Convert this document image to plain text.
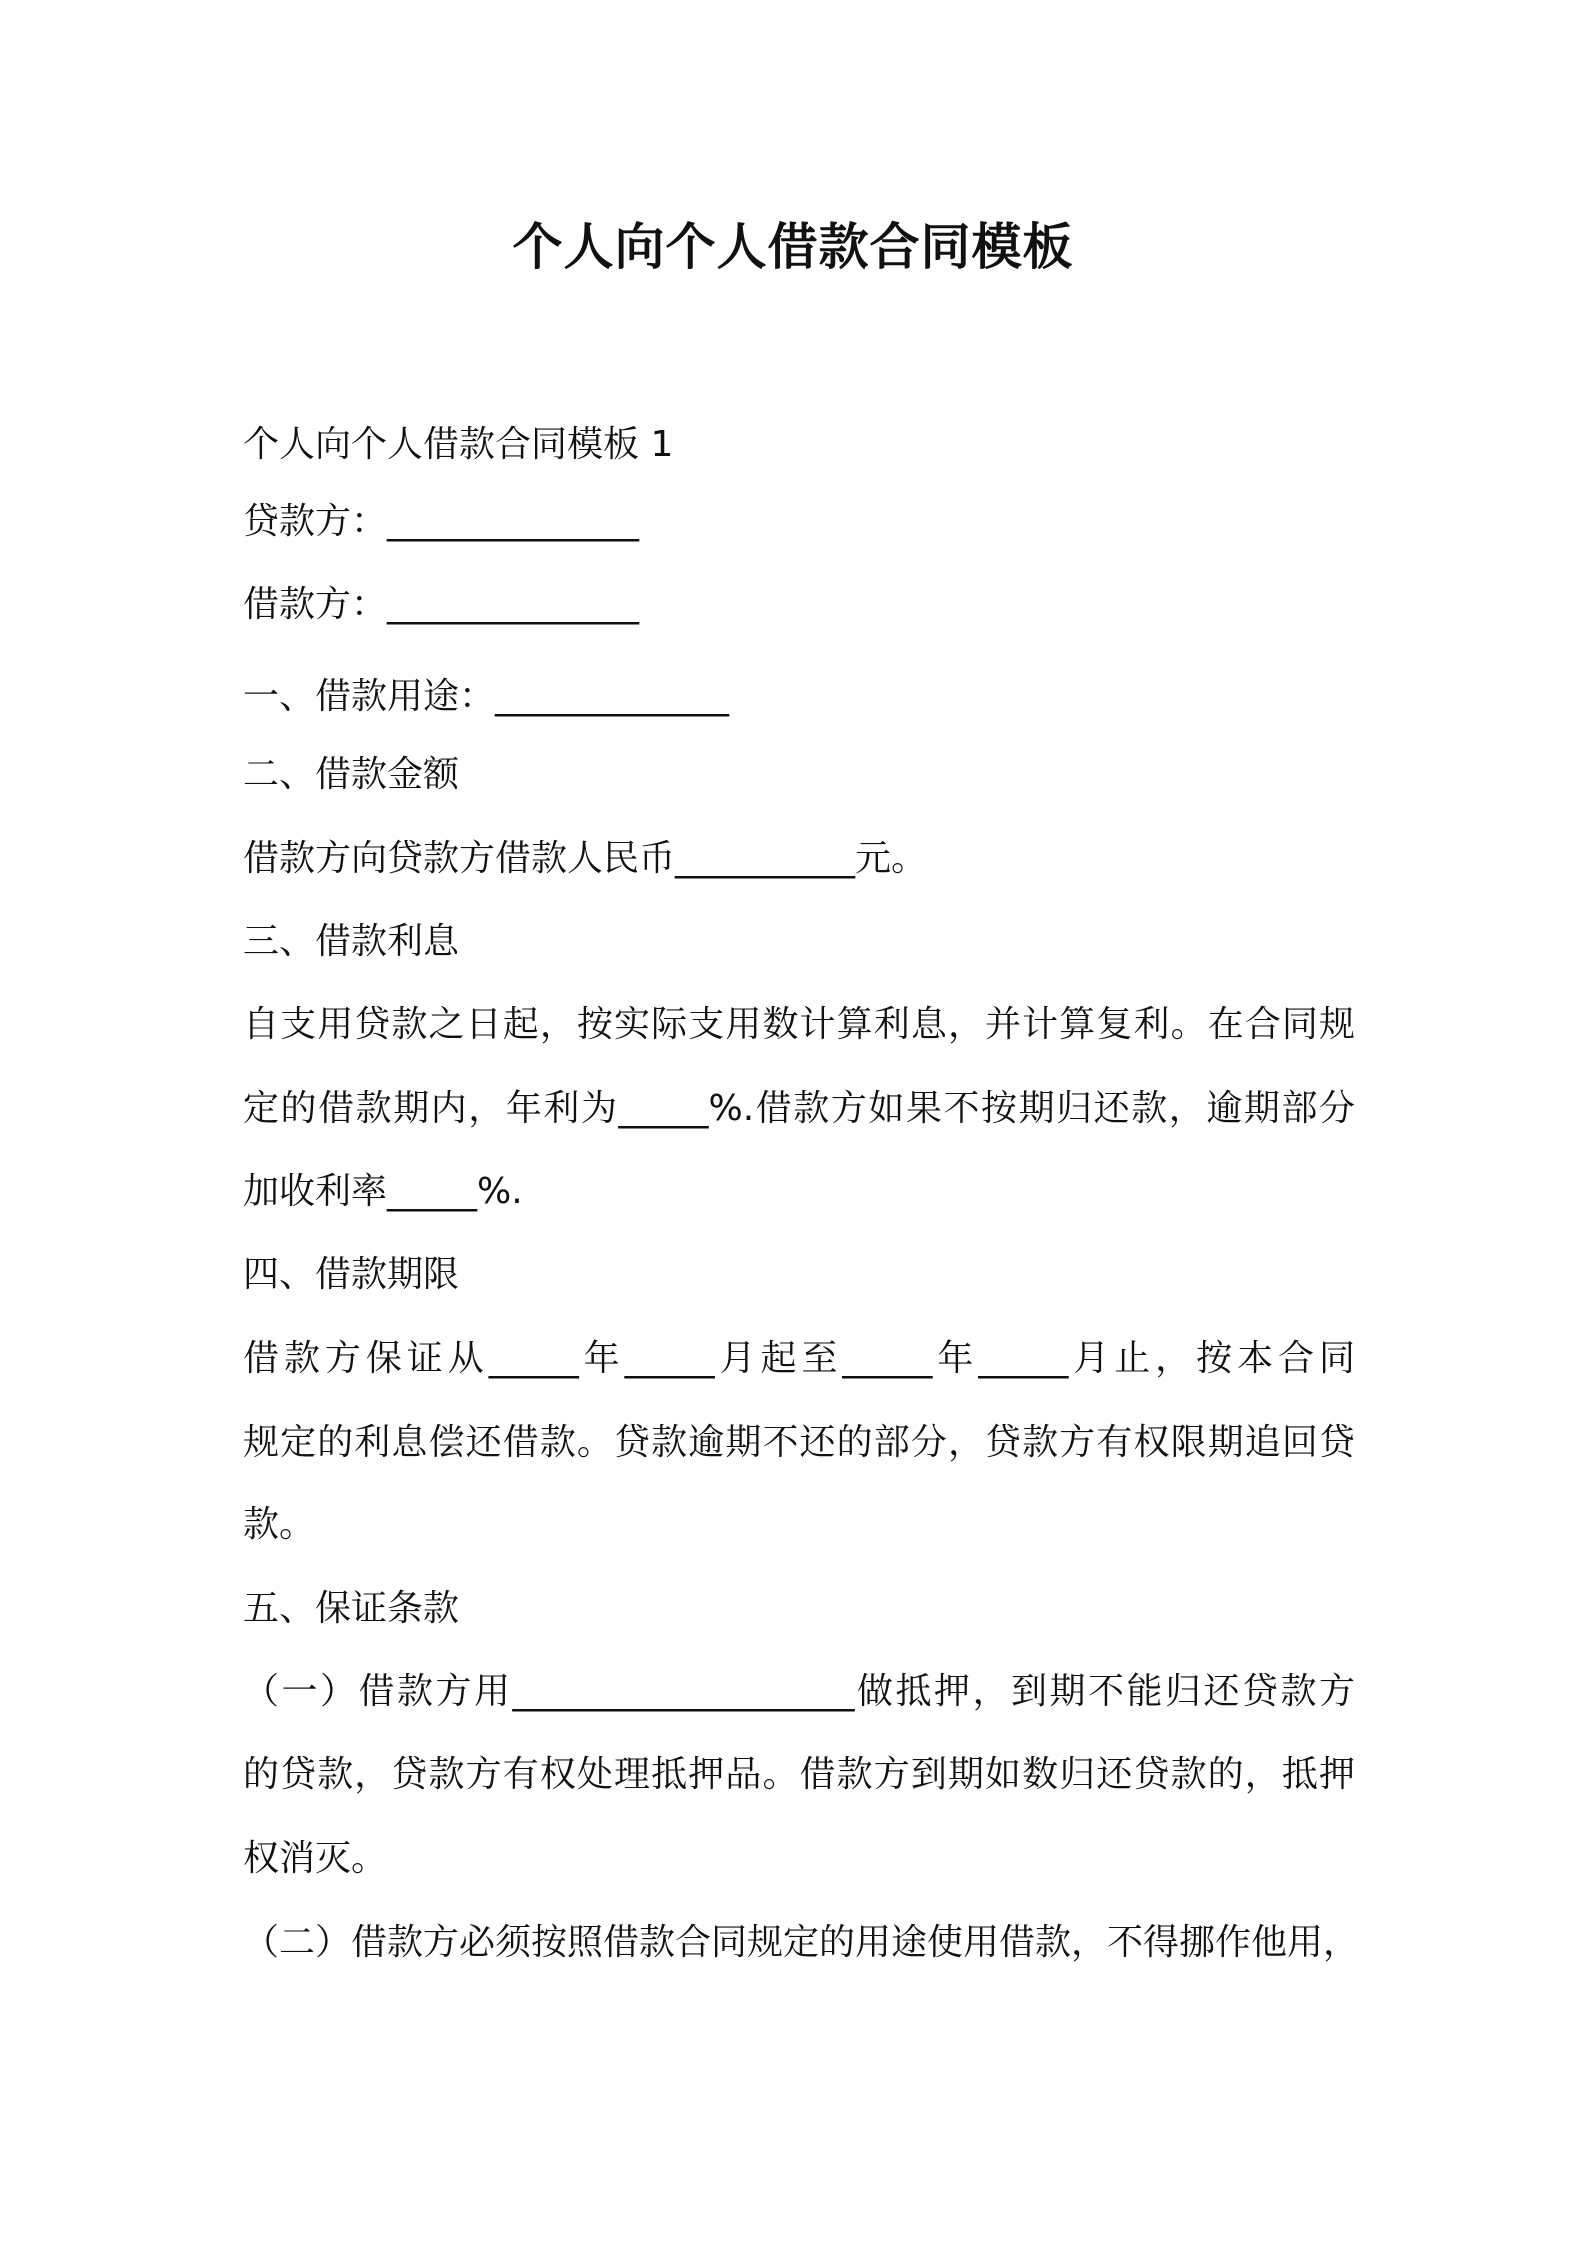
个人向个人借款合同模板
个人向个人借款合同模板 1
贷款方：______________
借款方：______________
一、借款用途：_____________
二、借款金额
借款方向贷款方借款人民币__________元。
三、借款利息
自支用贷款之日起，按实际支用数计算利息，并计算复利。在合同规
定的借款期内，年利为_____%.借款方如果不按期归还款，逾期部分
加收利率_____%.
四、借款期限
借款方保证从_____年_____月起至_____年_____月止，按本合同
规定的利息偿还借款。贷款逾期不还的部分，贷款方有权限期追回贷
款。
五、保证条款
（一）借款方用___________________做抵押，到期不能归还贷款方
的贷款，贷款方有权处理抵押品。借款方到期如数归还贷款的，抵押
权消灭。
（二）借款方必须按照借款合同规定的用途使用借款，不得挪作他用，
